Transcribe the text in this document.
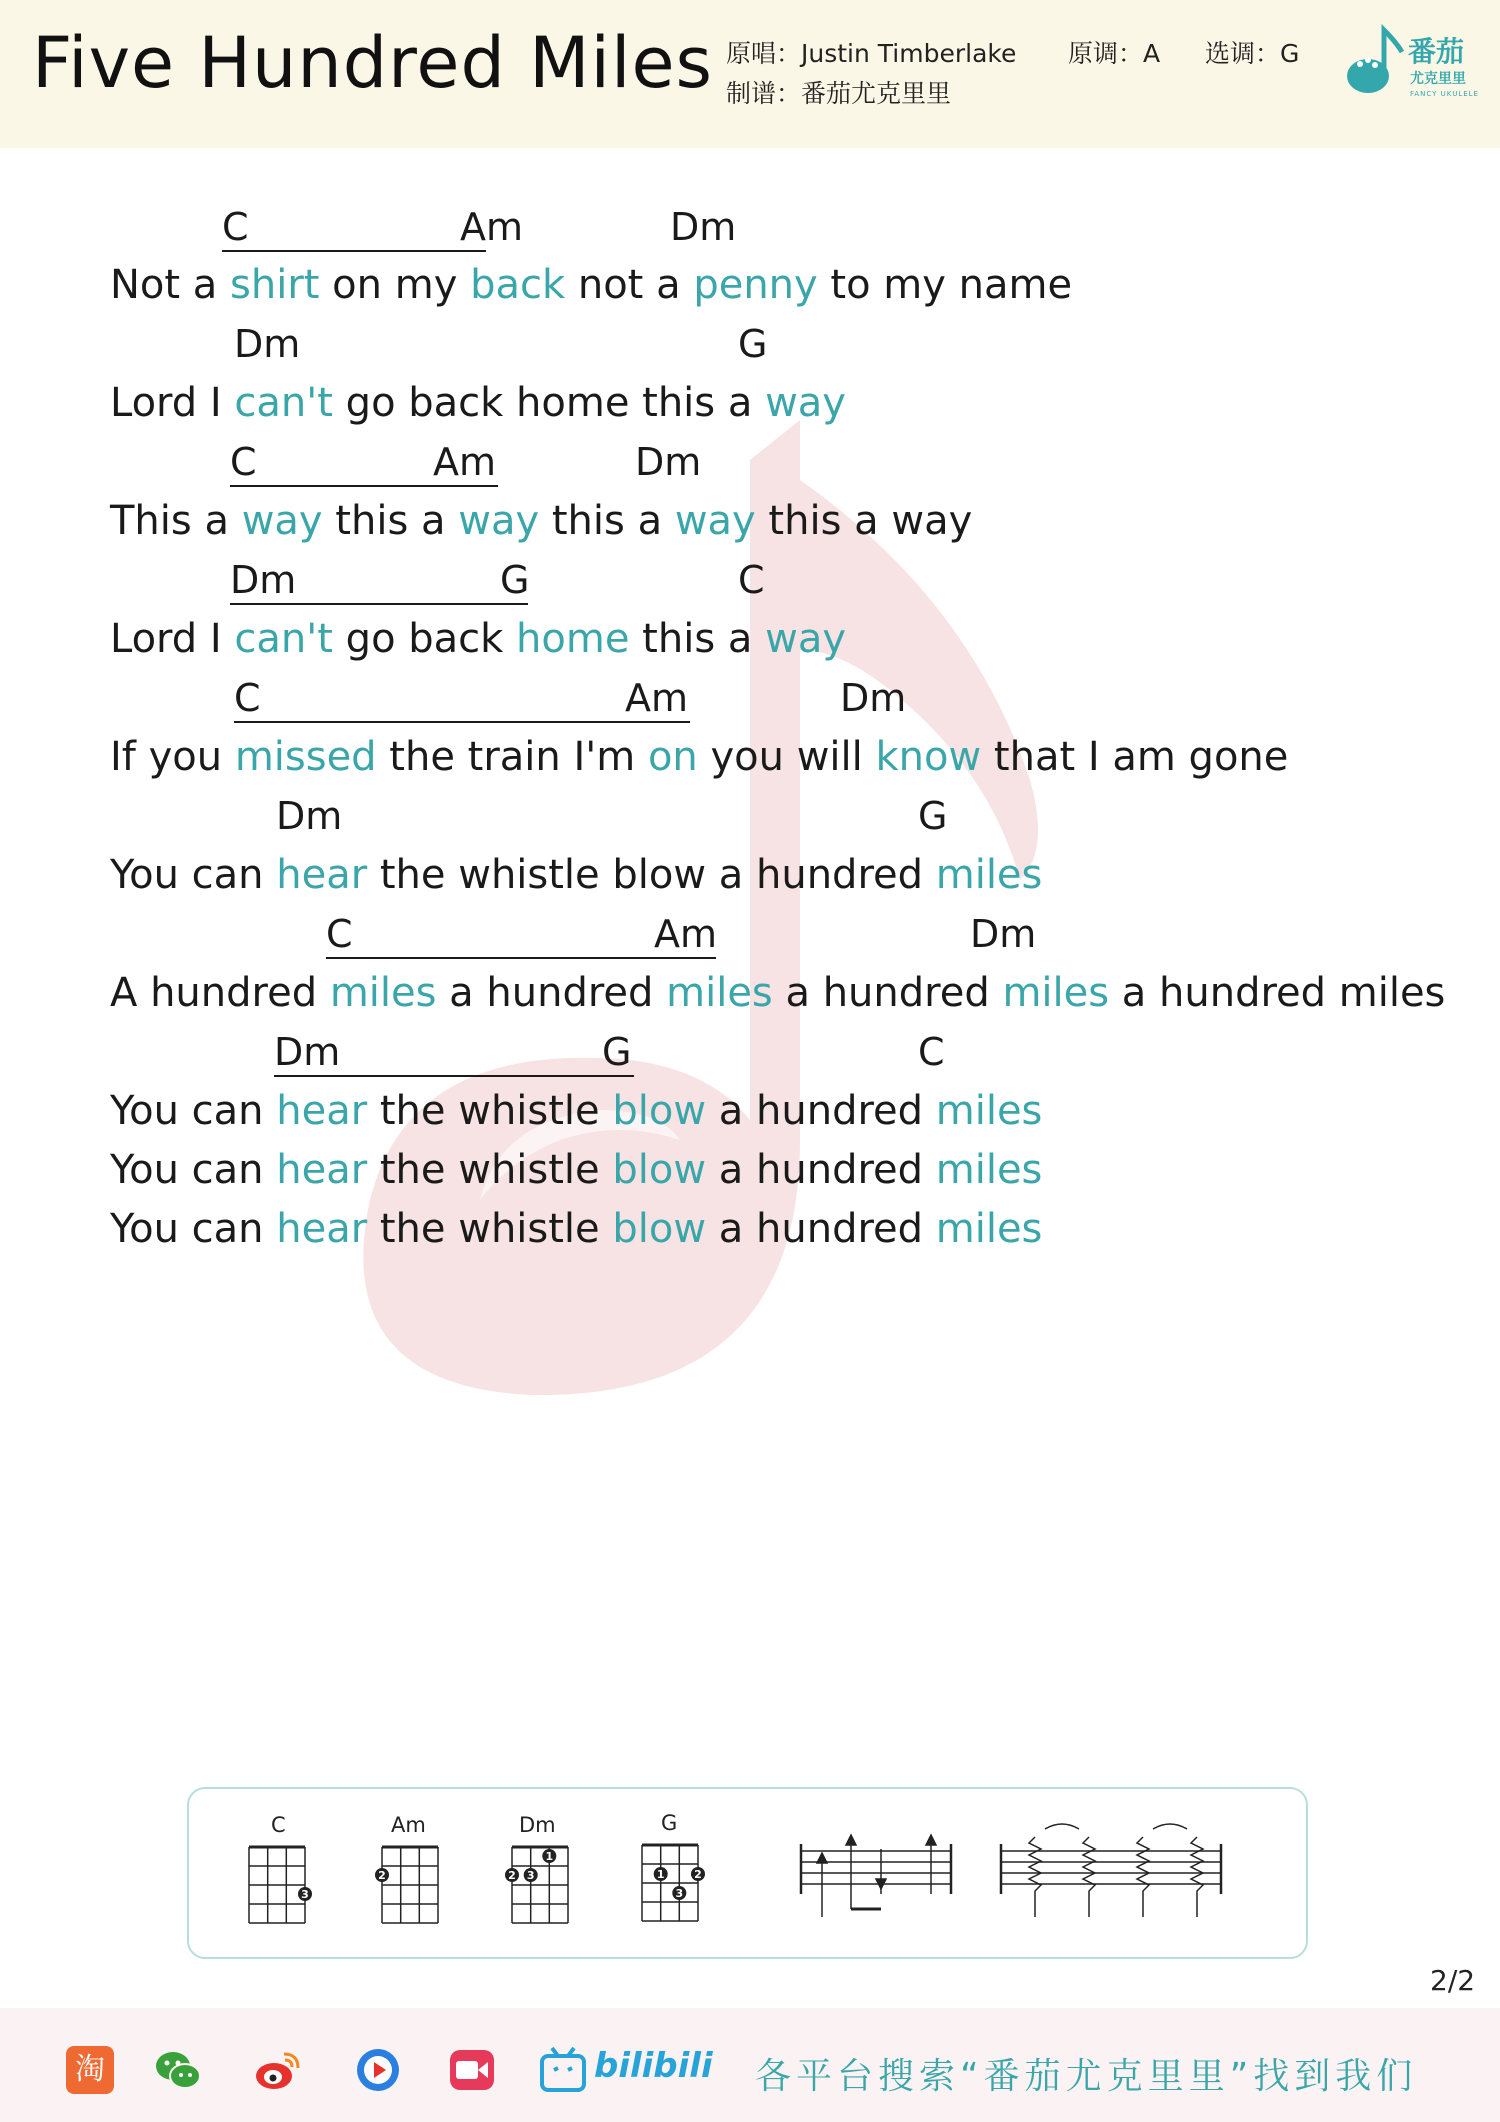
Five Hundred Miles 原唱：Justin Timberlake 原调：A 选调：G
制谱：番茄尤克里里
番茄
尤克里里
FANCY UKULELE
C	Am	Dm
Dm	G
C	Am	Dm
Dm	G	C
C	Am	Dm
Dm	G
C	Am	Dm
Dm	G	C
Not a shirt on my back not a penny to my name
Lord I can't go back home this a way
This a way this a way this a way this a way
Lord I can't go back home this a way
If you missed the train I'm on you will know that I am gone
You can hear the whistle blow a hundred miles
A hundred miles a hundred miles a hundred miles a hundred miles
You can hear the whistle blow a hundred miles
You can hear the whistle blow a hundred miles
You can hear the whistle blow a hundred miles
C	Am	Dm	G
3
2	2 3
1
1	2
3
2/2
淘	bilibili 各平台搜索“番茄尤克里里”找到我们
